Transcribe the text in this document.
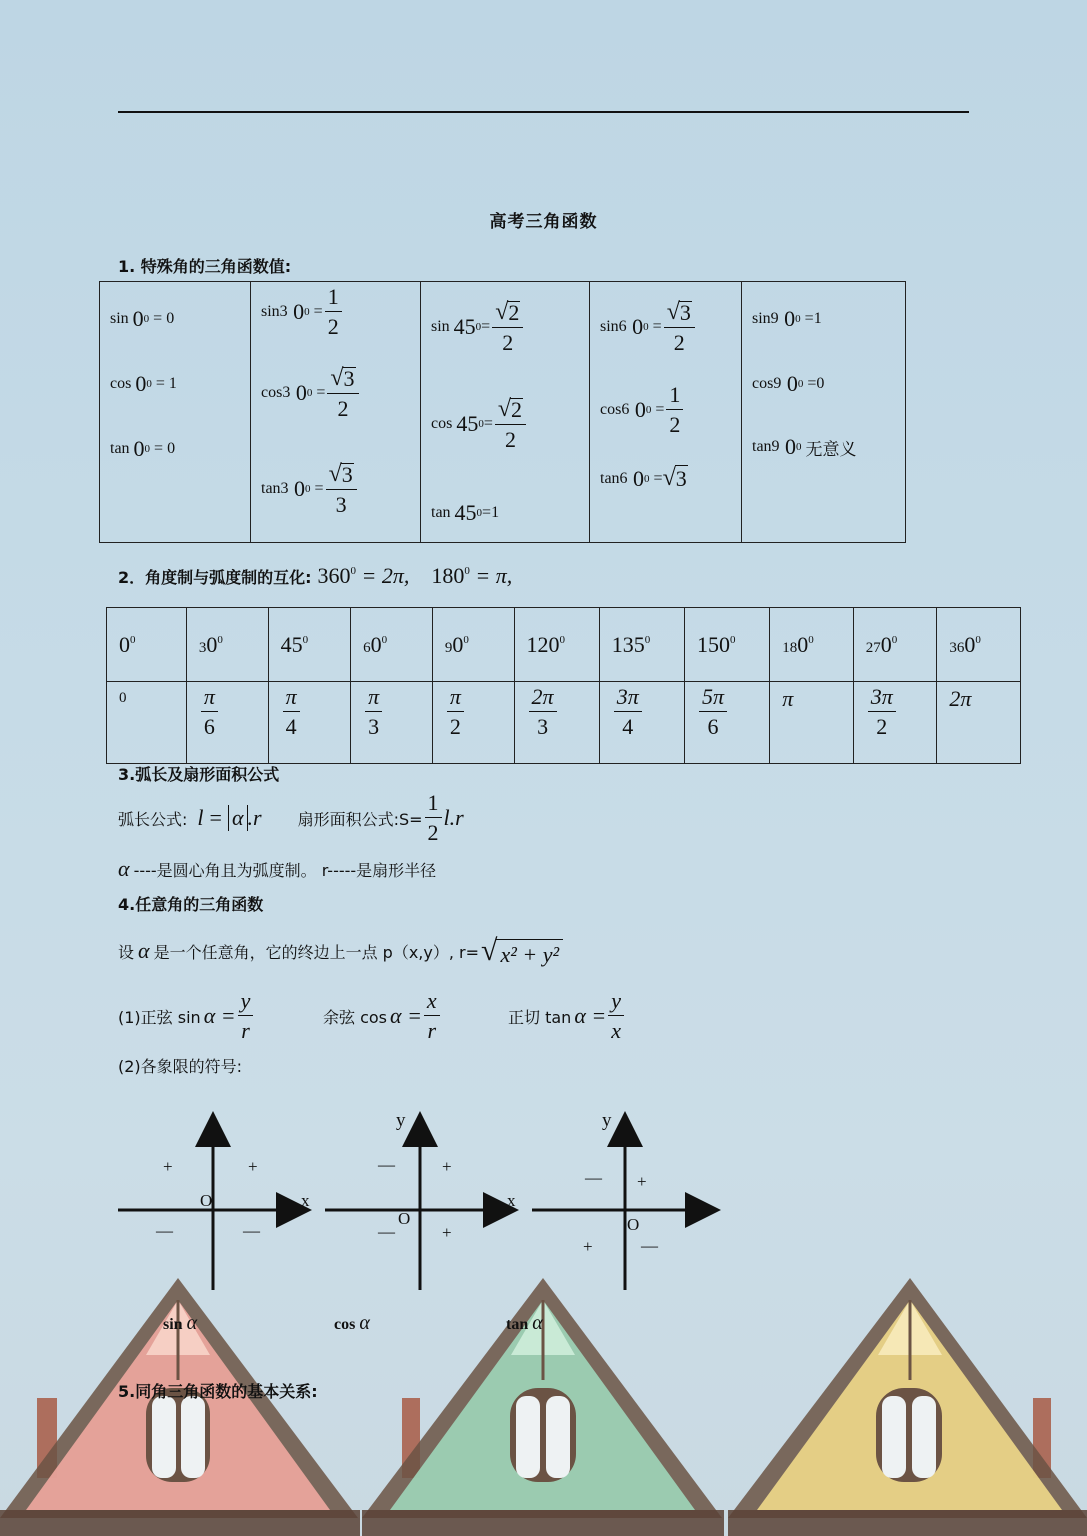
高考三角函数
1. 特殊角的三角函数值:
sin
0 0
= 0
cos
0 0
= 1
tan
0 0
= 0

sin3
0 0
= $\frac{1}{2}$
cos3
0 0
= $\frac{√ 3}{2}$
tan3
0 0
= $\frac{√ 3}{3}$

sin
45 $0 = \frac{√ 2}{2}$
cos
45 $0 = \frac{√ 2}{2}$
tan
45 0 =1

sin6
0 0
= $\frac{√ 3}{2}$
cos6
0 0
= $\frac{1}{2}$
tan6
0 0
= √ 3

sin9
0 0
=1
cos9
0 0
=0
tan9
0 0
无意义
2．角度制与弧度制的互化: $360^0 = 2\pi$, $180^0 = \pi$,
$0^0$	$30^0$	$45^0$	$60^0$	$90^0$	$120^0$	$135^0$	$150^0$	$180^0$	$270^0$	$360^0$
0	$\frac{\pi}{6}$	$\frac{\pi}{4}$	$\frac{\pi}{3}$	$\frac{\pi}{2}$	$\frac{2\pi}{3}$	$\frac{3\pi}{4}$	$\frac{5\pi}{6}$	π	$\frac{3\pi}{2}$	2π
3.弧长及扇形面积公式
弧长公式: l = α .r 扇形面积公式:S= $\frac{1}{2} l.r$
α ----是圆心角且为弧度制。 r-----是扇形半径
4.任意角的三角函数
设 α 是一个任意角，它的终边上一点 p（x,y）, r= √ x² + y²
(1)正弦 $\sin \alpha = \frac{y}{r}$	余弦 $\cos \alpha = \frac{x}{r}$	正切 $\tan \alpha = \frac{y}{x}$
(2)各象限的符号:
+	+
O	x
—	—
y
—	+
x
O
—	+
y
— +
O
+	—
sin α	cos α	tan α
5.同角三角函数的基本关系:
